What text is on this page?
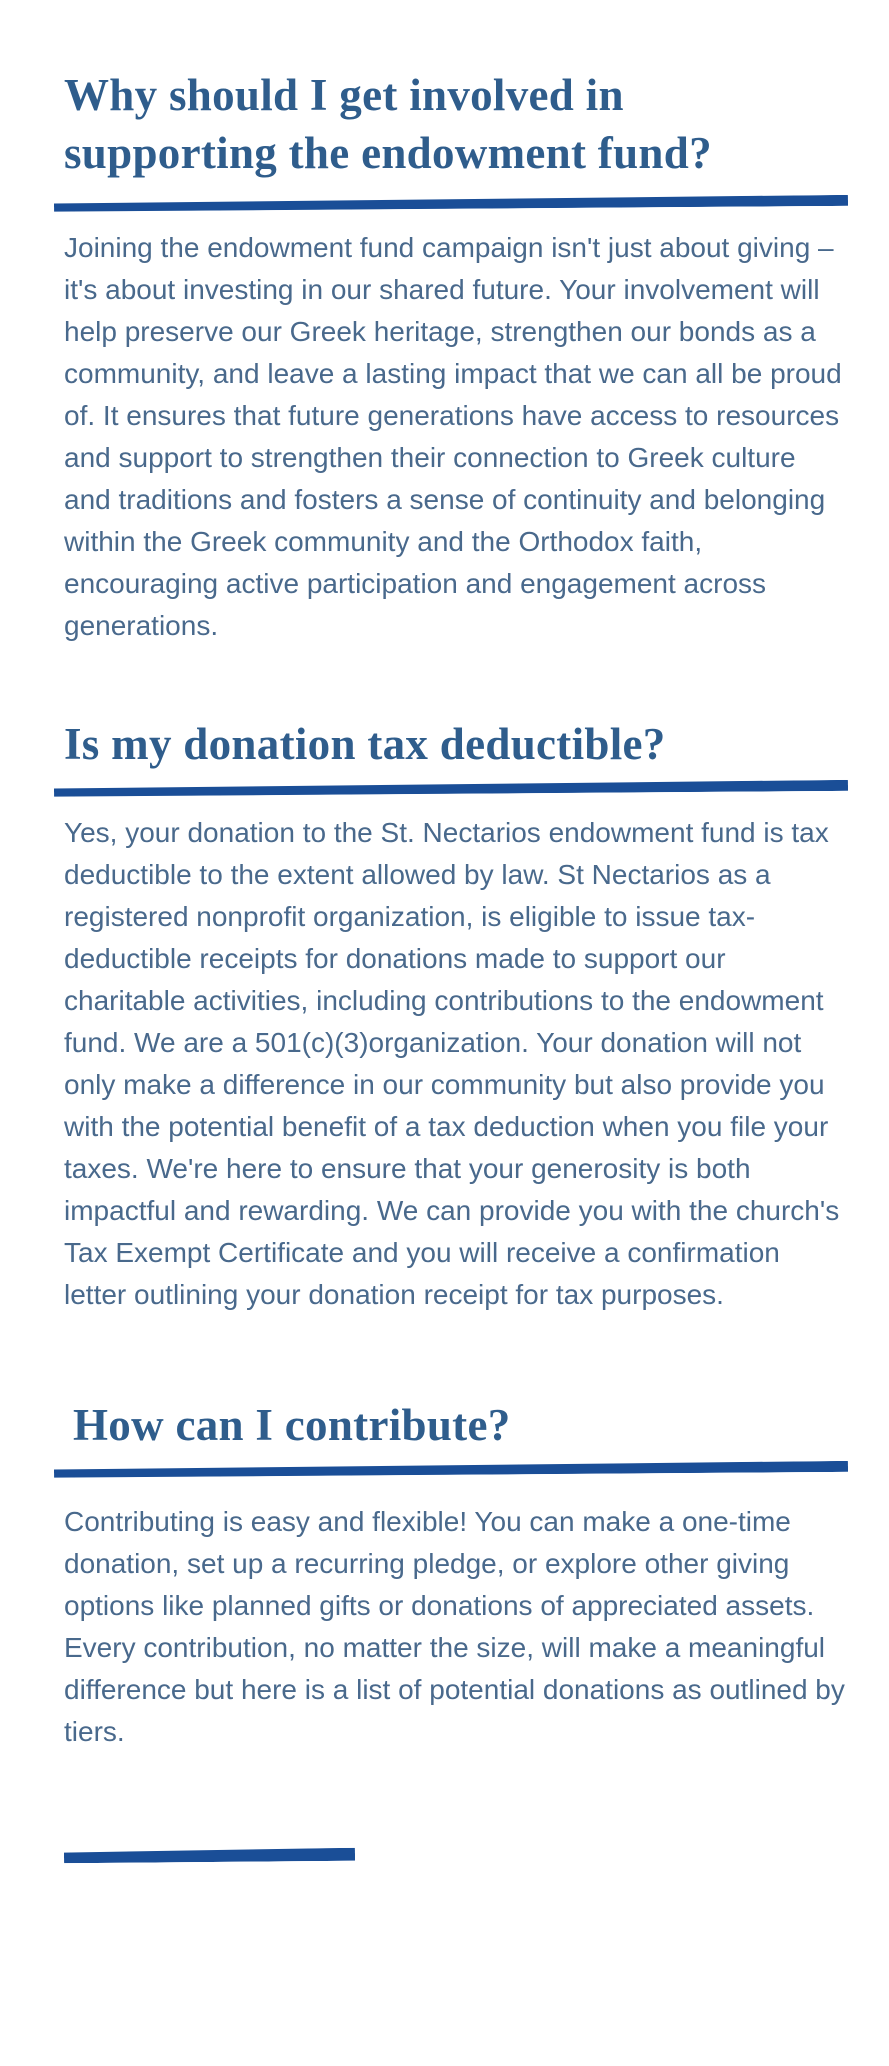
Why should I get involved in supporting the endowment fund?

Joining the endowment fund campaign isn't just about giving – it's about investing in our shared future. Your involvement will help preserve our Greek heritage, strengthen our bonds as a community, and leave a lasting impact that we can all be proud of. It ensures that future generations have access to resources and support to strengthen their connection to Greek culture and traditions and fosters a sense of continuity and belonging within the Greek community and the Orthodox faith, encouraging active participation and engagement across generations.

Is my donation tax deductible?

Yes, your donation to the St. Nectarios endowment fund is tax deductible to the extent allowed by law. St Nectarios as a registered nonprofit organization, is eligible to issue tax-deductible receipts for donations made to support our charitable activities, including contributions to the endowment fund. We are a 501(c)(3)organization. Your donation will not only make a difference in our community but also provide you with the potential benefit of a tax deduction when you file your taxes. We're here to ensure that your generosity is both impactful and rewarding. We can provide you with the church's Tax Exempt Certificate and you will receive a confirmation letter outlining your donation receipt for tax purposes.

How can I contribute?

Contributing is easy and flexible! You can make a one-time donation, set up a recurring pledge, or explore other giving options like planned gifts or donations of appreciated assets. Every contribution, no matter the size, will make a meaningful difference but here is a list of potential donations as outlined by tiers.
